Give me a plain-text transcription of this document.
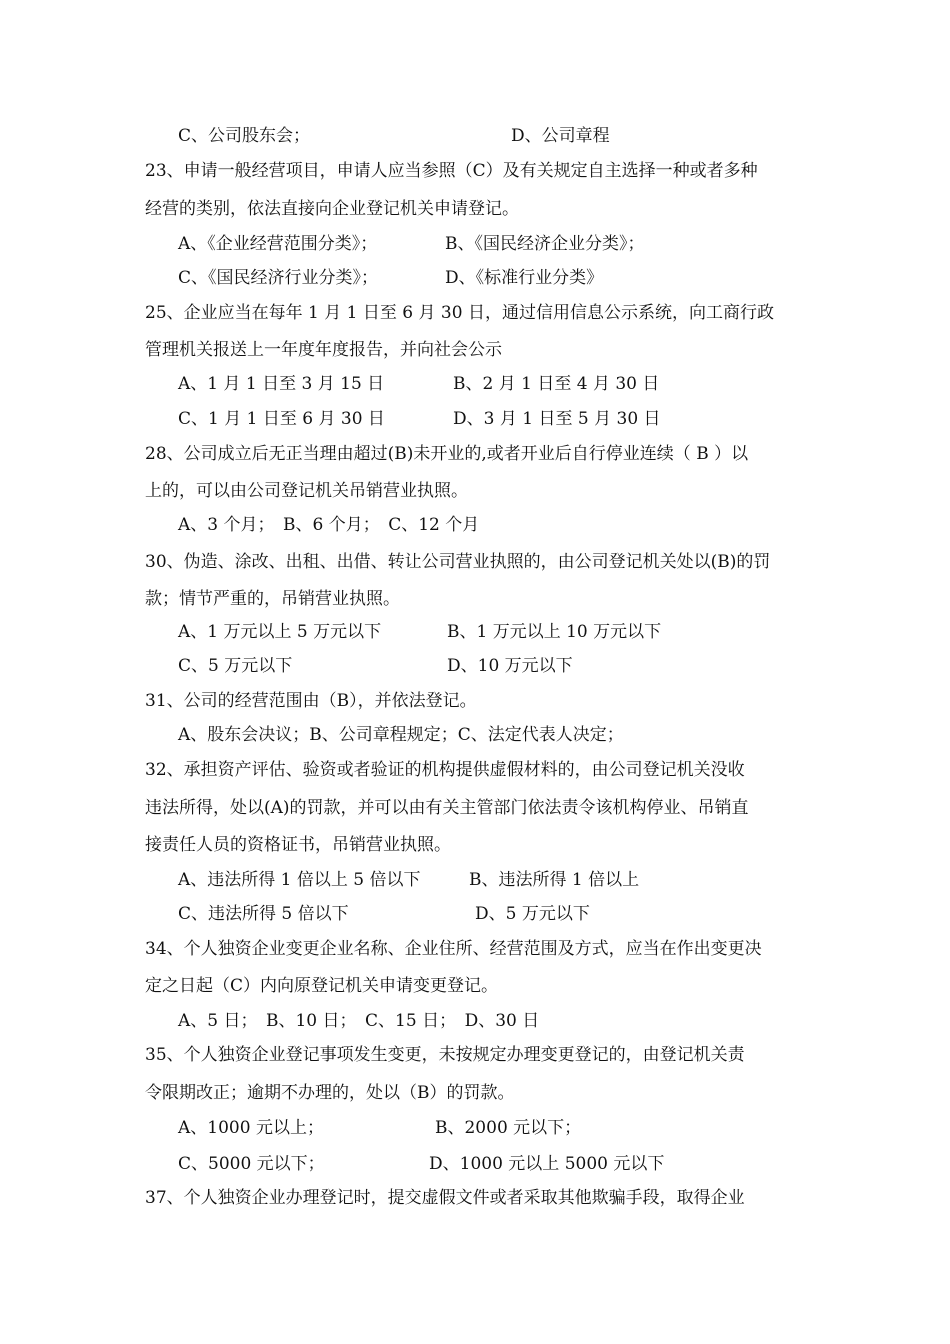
C、公司股东会；	D、公司章程
23、申请一般经营项目，申请人应当参照（C）及有关规定自主选择一种或者多种
经营的类别，依法直接向企业登记机关申请登记。
A、《企业经营范围分类》；	B、《国民经济企业分类》；
C、《国民经济行业分类》；	D、《标准行业分类》
25、企业应当在每年 1 月 1 日至 6 月 30 日，通过信用信息公示系统，向工商行政
管理机关报送上一年度年度报告，并向社会公示
A、1 月 1 日至 3 月 15 日	B、2 月 1 日至 4 月 30 日
C、1 月 1 日至 6 月 30 日	D、3 月 1 日至 5 月 30 日
28、公司成立后无正当理由超过(B)未开业的,或者开业后自行停业连续（ B ）以
上的，可以由公司登记机关吊销营业执照。
A、3 个月；　B、6 个月；　C、12 个月
30、伪造、涂改、出租、出借、转让公司营业执照的，由公司登记机关处以(B)的罚
款；情节严重的，吊销营业执照。
A、1 万元以上 5 万元以下	B、1 万元以上 10 万元以下
C、5 万元以下	D、10 万元以下
31、公司的经营范围由（B），并依法登记。
A、股东会决议；B、公司章程规定；C、法定代表人决定；
32、承担资产评估、验资或者验证的机构提供虚假材料的，由公司登记机关没收
违法所得，处以(A)的罚款，并可以由有关主管部门依法责令该机构停业、吊销直
接责任人员的资格证书，吊销营业执照。
A、违法所得 1 倍以上 5 倍以下	B、违法所得 1 倍以上
C、违法所得 5 倍以下	D、5 万元以下
34、个人独资企业变更企业名称、企业住所、经营范围及方式，应当在作出变更决
定之日起（C）内向原登记机关申请变更登记。
A、5 日；　B、10 日；　C、15 日；　D、30 日
35、个人独资企业登记事项发生变更，未按规定办理变更登记的，由登记机关责
令限期改正；逾期不办理的，处以（B）的罚款。
A、1000 元以上；	B、2000 元以下；
C、5000 元以下；	D、1000 元以上 5000 元以下
37、个人独资企业办理登记时，提交虚假文件或者采取其他欺骗手段，取得企业
